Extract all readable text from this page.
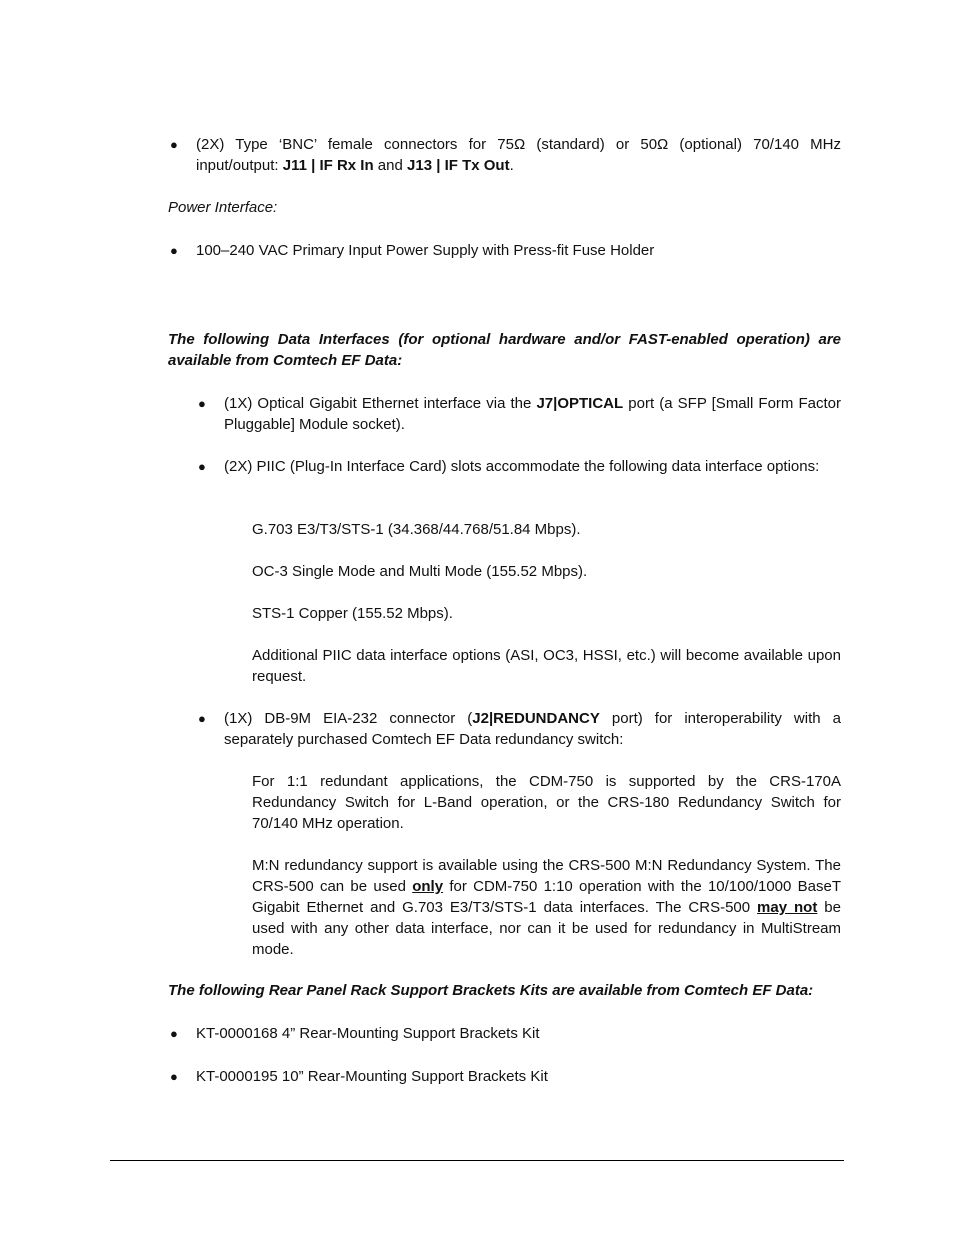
● (2X) Type ‘BNC’ female connectors for 75Ω (standard) or 50Ω (optional) 70/140 MHz input/output: J11 | IF Rx In and J13 | IF Tx Out.
Power Interface:
● 100–240 VAC Primary Input Power Supply with Press-fit Fuse Holder
The following Data Interfaces (for optional hardware and/or FAST-enabled operation) are available from Comtech EF Data:
● (1X) Optical Gigabit Ethernet interface via the J7|OPTICAL port (a SFP [Small Form Factor Pluggable] Module socket).
● (2X) PIIC (Plug-In Interface Card) slots accommodate the following data interface options:
G.703 E3/T3/STS-1 (34.368/44.768/51.84 Mbps).
OC-3 Single Mode and Multi Mode (155.52 Mbps).
STS-1 Copper (155.52 Mbps).
Additional PIIC data interface options (ASI, OC3, HSSI, etc.) will become available upon request.
● (1X) DB-9M EIA-232 connector (J2|REDUNDANCY port) for interoperability with a separately purchased Comtech EF Data redundancy switch:
For 1:1 redundant applications, the CDM-750 is supported by the CRS-170A Redundancy Switch for L-Band operation, or the CRS-180 Redundancy Switch for 70/140 MHz operation.
M:N redundancy support is available using the CRS-500 M:N Redundancy System. The CRS-500 can be used only for CDM-750 1:10 operation with the 10/100/1000 BaseT Gigabit Ethernet and G.703 E3/T3/STS-1 data interfaces. The CRS-500 may not be used with any other data interface, nor can it be used for redundancy in MultiStream mode.
The following Rear Panel Rack Support Brackets Kits are available from Comtech EF Data:
● KT-0000168 4” Rear-Mounting Support Brackets Kit
● KT-0000195 10” Rear-Mounting Support Brackets Kit
